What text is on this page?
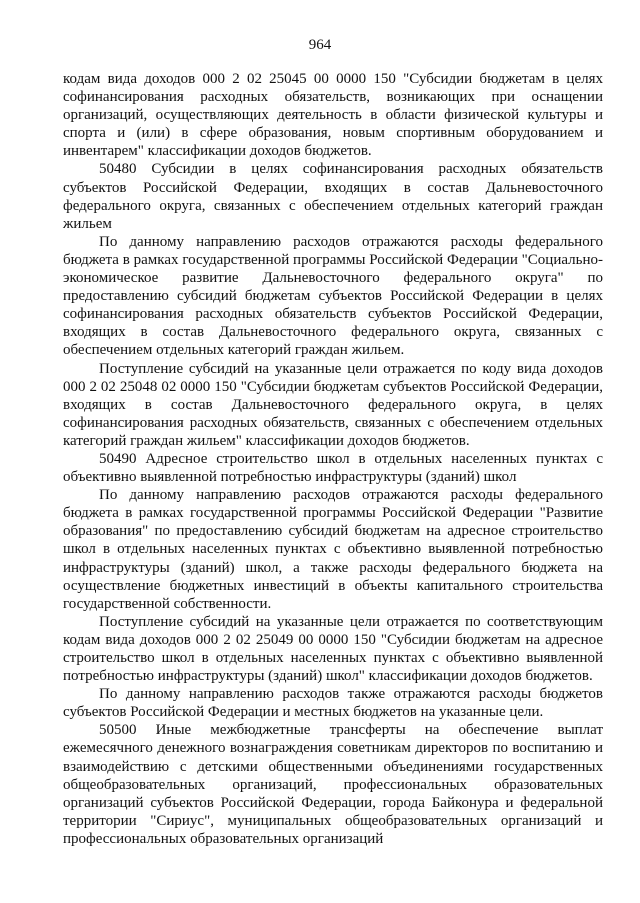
964

кодам вида доходов 000 2 02 25045 00 0000 150 "Субсидии бюджетам в целях софинансирования расходных обязательств, возникающих при оснащении организаций, осуществляющих деятельность в области физической культуры и спорта и (или) в сфере образования, новым спортивным оборудованием и инвентарем" классификации доходов бюджетов.

50480 Субсидии в целях софинансирования расходных обязательств субъектов Российской Федерации, входящих в состав Дальневосточного федерального округа, связанных с обеспечением отдельных категорий граждан жильем

По данному направлению расходов отражаются расходы федерального бюджета в рамках государственной программы Российской Федерации "Социально-экономическое развитие Дальневосточного федерального округа" по предоставлению субсидий бюджетам субъектов Российской Федерации в целях софинансирования расходных обязательств субъектов Российской Федерации, входящих в состав Дальневосточного федерального округа, связанных с обеспечением отдельных категорий граждан жильем.

Поступление субсидий на указанные цели отражается по коду вида доходов 000 2 02 25048 02 0000 150 "Субсидии бюджетам субъектов Российской Федерации, входящих в состав Дальневосточного федерального округа, в целях софинансирования расходных обязательств, связанных с обеспечением отдельных категорий граждан жильем" классификации доходов бюджетов.

50490 Адресное строительство школ в отдельных населенных пунктах с объективно выявленной потребностью инфраструктуры (зданий) школ

По данному направлению расходов отражаются расходы федерального бюджета в рамках государственной программы Российской Федерации "Развитие образования" по предоставлению субсидий бюджетам на адресное строительство школ в отдельных населенных пунктах с объективно выявленной потребностью инфраструктуры (зданий) школ, а также расходы федерального бюджета на осуществление бюджетных инвестиций в объекты капитального строительства государственной собственности.

Поступление субсидий на указанные цели отражается по соответствующим кодам вида доходов 000 2 02 25049 00 0000 150 "Субсидии бюджетам на адресное строительство школ в отдельных населенных пунктах с объективно выявленной потребностью инфраструктуры (зданий) школ" классификации доходов бюджетов.

По данному направлению расходов также отражаются расходы бюджетов субъектов Российской Федерации и местных бюджетов на указанные цели.

50500 Иные межбюджетные трансферты на обеспечение выплат ежемесячного денежного вознаграждения советникам директоров по воспитанию и взаимодействию с детскими общественными объединениями государственных общеобразовательных организаций, профессиональных образовательных организаций субъектов Российской Федерации, города Байконура и федеральной территории "Сириус", муниципальных общеобразовательных организаций и профессиональных образовательных организаций
